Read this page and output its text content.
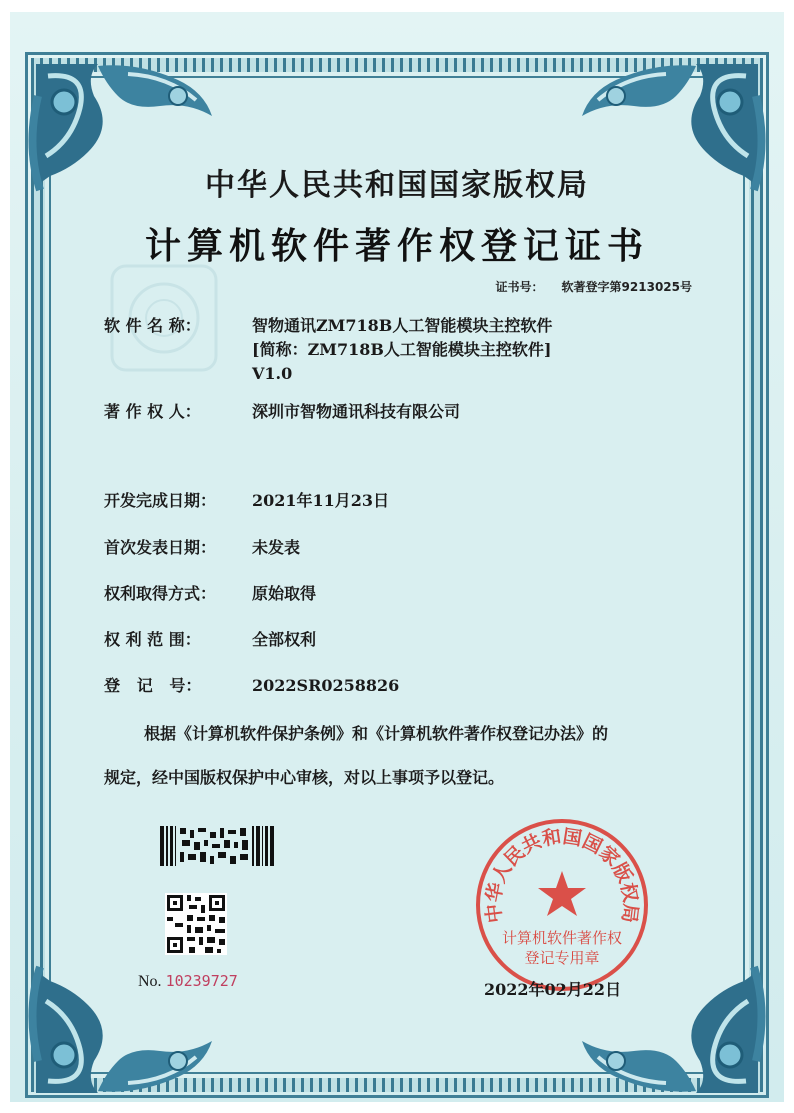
中华人民共和国国家版权局
计算机软件著作权登记证书
证书号： 软著登字第9213025号
软 件 名 称：	智物通讯ZM718B人工智能模块主控软件
[简称：ZM718B人工智能模块主控软件]
V1.0
著 作 权 人：	深圳市智物通讯科技有限公司
开发完成日期： 2021年11月23日
首次发表日期： 未发表
权利取得方式： 原始取得
权 利 范 围：	全部权利
登   记   号：	2022SR0258826
根据《计算机软件保护条例》和《计算机软件著作权登记办法》的
规定，经中国版权保护中心审核，对以上事项予以登记。
No. 10239727
中华人民共和国国家版权局
计算机软件著作权
登记专用章
2022年02月22日
